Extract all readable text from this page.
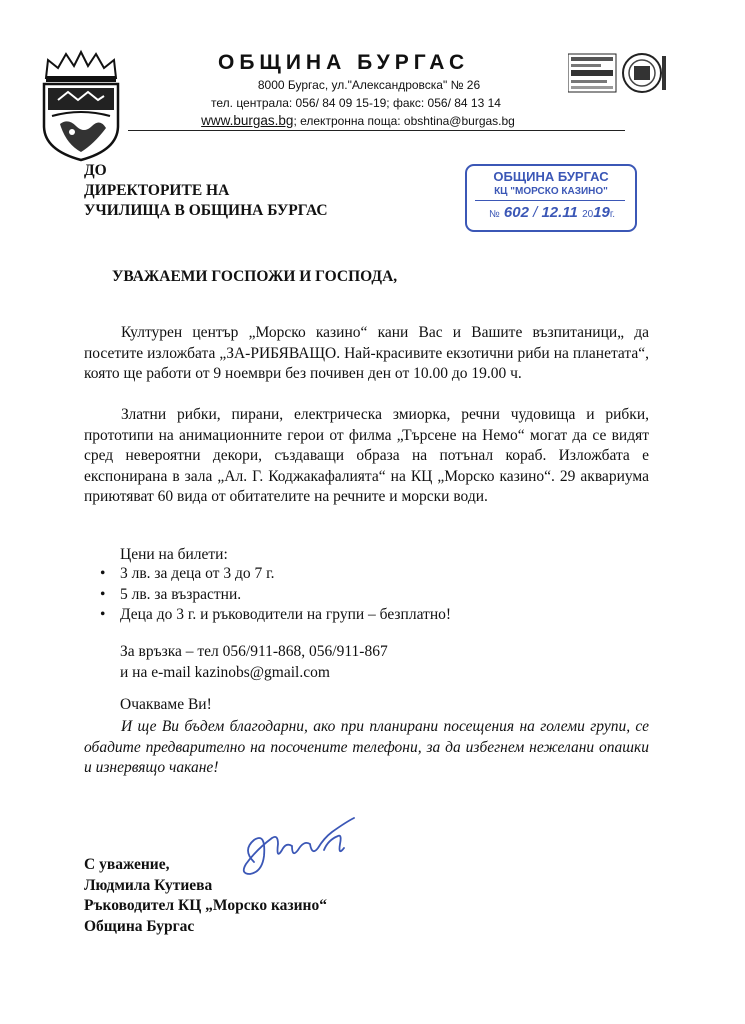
ОБЩИНА БУРГАС
8000 Бургас, ул."Александровска" № 26
тел. централа: 056/ 84 09 15-19; факс: 056/ 84 13 14
www.burgas.bg; електронна поща: obshtina@burgas.bg
ДО
ДИРЕКТОРИТЕ НА
УЧИЛИЩА В ОБЩИНА БУРГАС
ОБЩИНА БУРГАС
КЦ "МОРСКО КАЗИНО"
№ 602 / 12.11 2019г.
УВАЖАЕМИ ГОСПОЖИ И ГОСПОДА,
Културен център „Морско казино“ кани Вас и Вашите възпитаници„ да посетите изложбата „ЗА-РИБЯВАЩО. Най-красивите екзотични риби на планетата“, която ще работи от 9 ноември без почивен ден от 10.00 до 19.00 ч.
Златни рибки, пирани, електрическа змиорка, речни чудовища и рибки, прототипи на анимационните герои от филма „Търсене на Немо“ могат да се видят сред невероятни декори, създаващи образа на потънал кораб. Изложбата е експонирана в зала „Ал. Г. Коджакафалията“ на КЦ „Морско казино“. 29 аквариума приютяват 60 вида от обитателите на речните и морски води.
Цени на билети:
• 3 лв. за деца от 3 до 7 г.
• 5 лв. за възрастни.
• Деца до 3 г. и ръководители на групи – безплатно!
За връзка – тел 056/911-868, 056/911-867
и на e-mail kazinobs@gmail.com
Очакваме Ви!
И ще Ви бъдем благодарни, ако при планирани посещения на големи групи, се обадите предварително на посочените телефони, за да избегнем нежелани опашки и изнервящо чакане!
С уважение,
Людмила Кутиева
Ръководител КЦ „Морско казино“
Община Бургас
